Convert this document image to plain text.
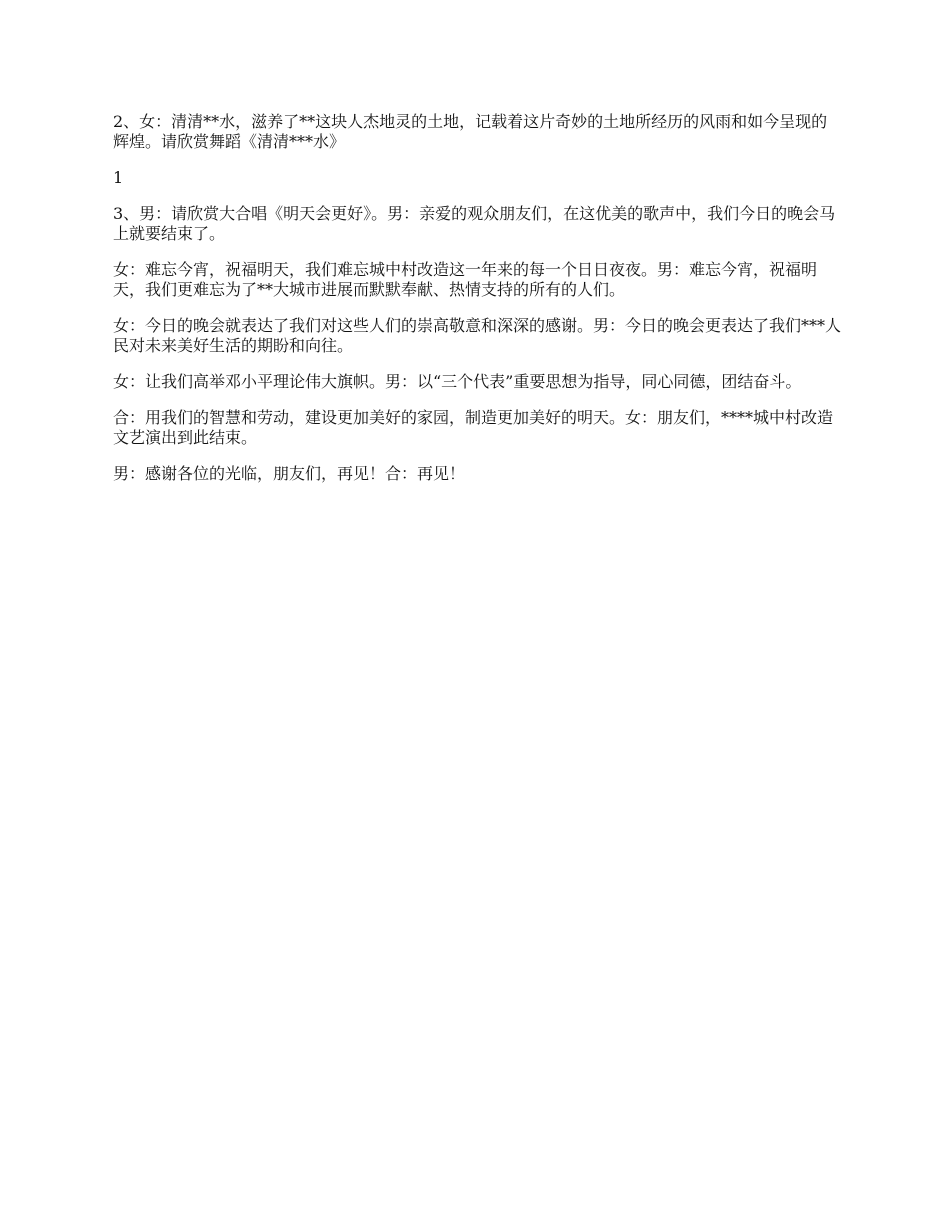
2、女：清清**水，滋养了**这块人杰地灵的土地，记载着这片奇妙的土地所经历的风雨和如今呈现的辉煌。请欣赏舞蹈《清清***水》

1

3、男：请欣赏大合唱《明天会更好》。男：亲爱的观众朋友们，在这优美的歌声中，我们今日的晚会马上就要结束了。

女：难忘今宵，祝福明天，我们难忘城中村改造这一年来的每一个日日夜夜。男：难忘今宵，祝福明天，我们更难忘为了**大城市进展而默默奉献、热情支持的所有的人们。

女：今日的晚会就表达了我们对这些人们的崇高敬意和深深的感谢。男：今日的晚会更表达了我们***人民对未来美好生活的期盼和向往。

女：让我们高举邓小平理论伟大旗帜。男：以“三个代表”重要思想为指导，同心同德，团结奋斗。

合：用我们的智慧和劳动，建设更加美好的家园，制造更加美好的明天。女：朋友们，****城中村改造文艺演出到此结束。

男：感谢各位的光临，朋友们，再见！合：再见！
